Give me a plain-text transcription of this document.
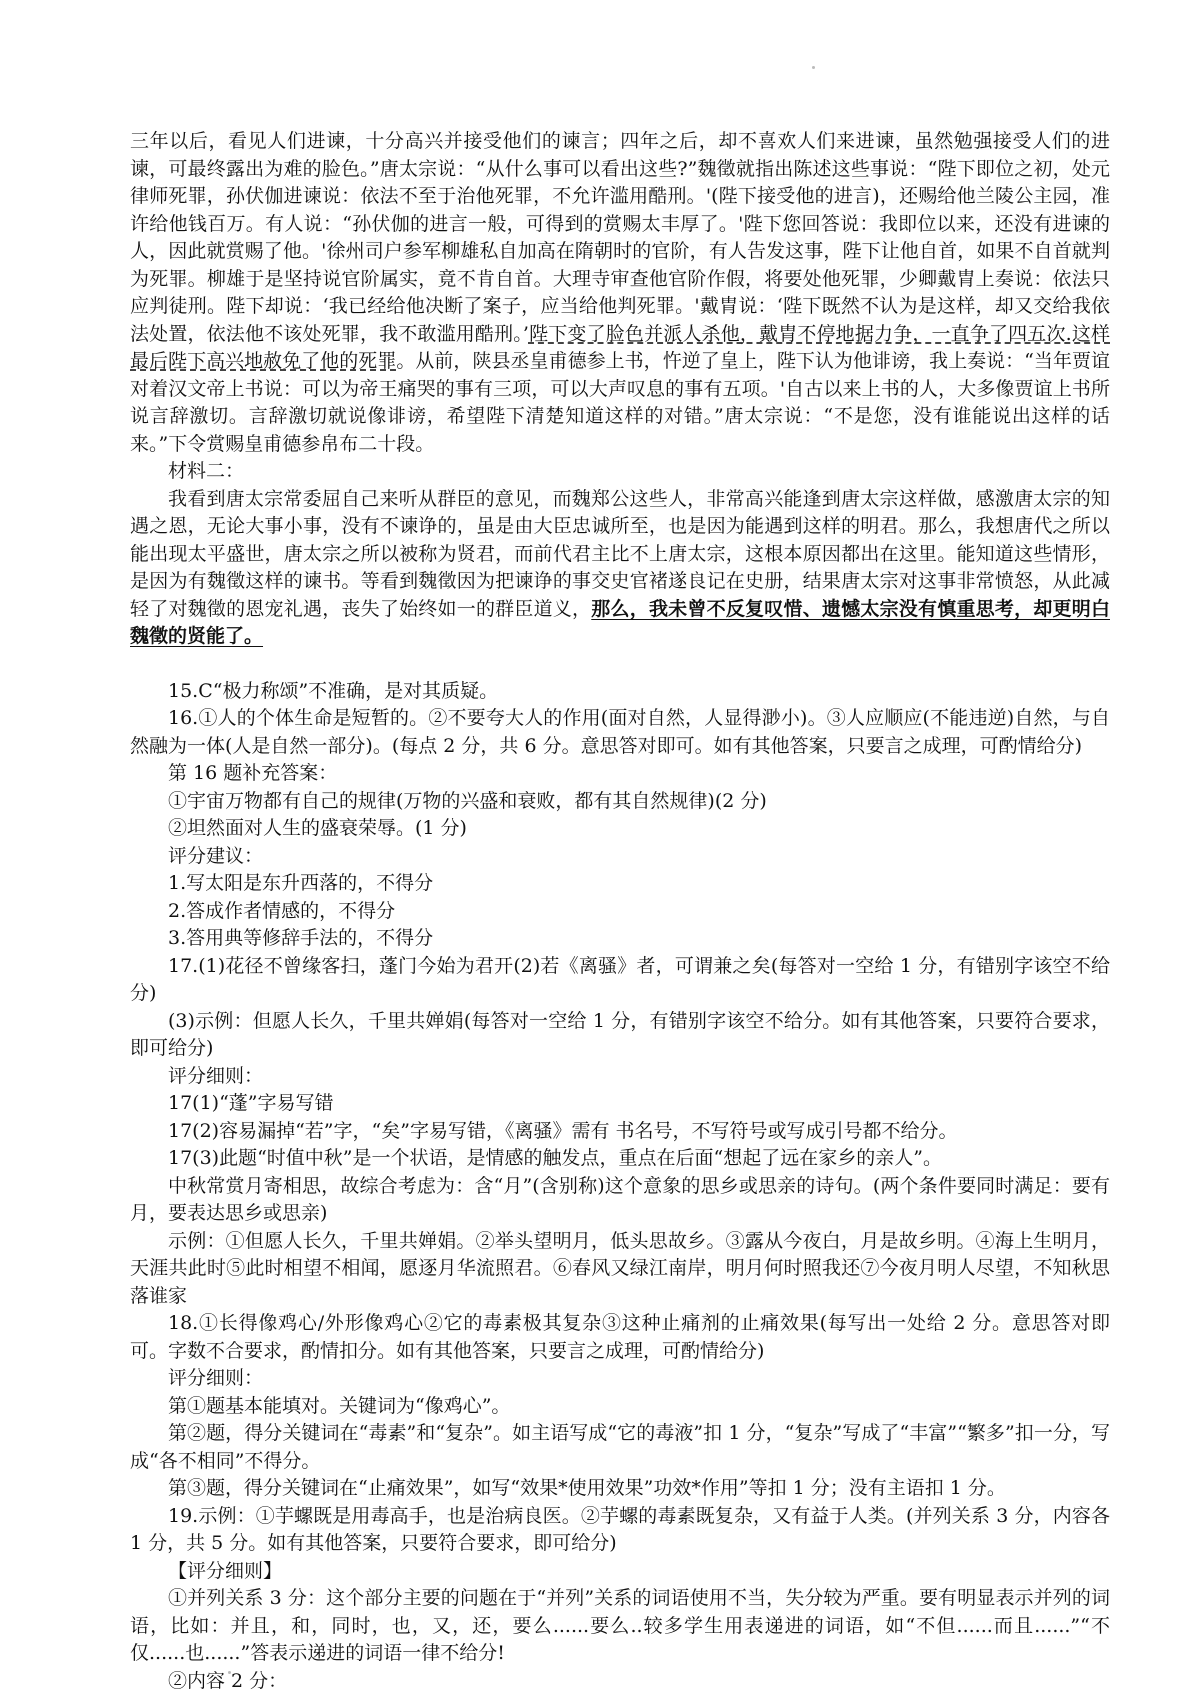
三年以后，看见人们进谏，十分高兴并接受他们的谏言；四年之后，却不喜欢人们来进谏，虽然勉强接受人们的进谏，可最终露出为难的脸色。”唐太宗说：“从什么事可以看出这些?”魏徵就指出陈述这些事说：“陛下即位之初，处元律师死罪，孙伏伽进谏说：依法不至于治他死罪，不允许滥用酷刑。'(陛下接受他的进言)，还赐给他兰陵公主园，准许给他钱百万。有人说：“孙伏伽的进言一般，可得到的赏赐太丰厚了。'陛下您回答说：我即位以来，还没有进谏的人，因此就赏赐了他。'徐州司户参军柳雄私自加高在隋朝时的官阶，有人告发这事，陛下让他自首，如果不自首就判为死罪。柳雄于是坚持说官阶属实，竟不肯自首。大理寺审查他官阶作假，将要处他死罪，少卿戴胄上奏说：依法只应判徒刑。陛下却说：‘我已经给他决断了案子，应当给他判死罪。'戴胄说：‘陛下既然不认为是这样，却又交给我依法处置，依法他不该处死罪，我不敢滥用酷刑。’陛下变了脸色并派人杀他，戴胄不停地据力争，一直争了四五次.这样最后陛下高兴地赦免了他的死罪。从前，陕县丞皇甫德参上书，忤逆了皇上，陛下认为他诽谤，我上奏说：“当年贾谊对着汉文帝上书说：可以为帝王痛哭的事有三项，可以大声叹息的事有五项。'自古以来上书的人，大多像贾谊上书所说言辞激切。言辞激切就说像诽谤，希望陛下清楚知道这样的对错。”唐太宗说：“不是您，没有谁能说出这样的话来。”下令赏赐皇甫德参帛布二十段。

材料二：

我看到唐太宗常委屈自己来听从群臣的意见，而魏郑公这些人，非常高兴能逢到唐太宗这样做，感激唐太宗的知遇之恩，无论大事小事，没有不谏诤的，虽是由大臣忠诚所至，也是因为能遇到这样的明君。那么，我想唐代之所以能出现太平盛世，唐太宗之所以被称为贤君，而前代君主比不上唐太宗，这根本原因都出在这里。能知道这些情形，是因为有魏徵这样的谏书。等看到魏徵因为把谏诤的事交史官褚遂良记在史册，结果唐太宗对这事非常愤怒，从此减轻了对魏徵的恩宠礼遇，丧失了始终如一的群臣道义，那么，我未曾不反复叹惜、遗憾太宗没有慎重思考，却更明白魏徵的贤能了。

15.C“极力称颂”不准确，是对其质疑。

16.①人的个体生命是短暂的。②不要夸大人的作用(面对自然，人显得渺小)。③人应顺应(不能违逆)自然，与自然融为一体(人是自然一部分)。(每点 2 分，共 6 分。意思答对即可。如有其他答案，只要言之成理，可酌情给分)

第 16 题补充答案：

①宇宙万物都有自己的规律(万物的兴盛和衰败，都有其自然规律)(2 分)

②坦然面对人生的盛衰荣辱。(1 分)

评分建议：

1.写太阳是东升西落的，不得分

2.答成作者情感的，不得分

3.答用典等修辞手法的，不得分

17.(1)花径不曾缘客扫，蓬门今始为君开(2)若《离骚》者，可谓兼之矣(每答对一空给 1 分，有错别字该空不给分)

(3)示例：但愿人长久，千里共婵娟(每答对一空给 1 分，有错别字该空不给分。如有其他答案，只要符合要求，即可给分)

评分细则：

17(1)“蓬”字易写错

17(2)容易漏掉“若”字，“矣”字易写错，《离骚》需有 书名号，不写符号或写成引号都不给分。

17(3)此题“时值中秋”是一个状语，是情感的触发点，重点在后面“想起了远在家乡的亲人”。

中秋常赏月寄相思，故综合考虑为：含“月”(含别称)这个意象的思乡或思亲的诗句。(两个条件要同时满足：要有月，要表达思乡或思亲)

示例：①但愿人长久，千里共婵娟。②举头望明月，低头思故乡。③露从今夜白，月是故乡明。④海上生明月，天涯共此时⑤此时相望不相闻，愿逐月华流照君。⑥春风又绿江南岸，明月何时照我还⑦今夜月明人尽望，不知秋思落谁家

18.①长得像鸡心/外形像鸡心②它的毒素极其复杂③这种止痛剂的止痛效果(每写出一处给 2 分。意思答对即可。字数不合要求，酌情扣分。如有其他答案，只要言之成理，可酌情给分)

评分细则：

第①题基本能填对。关键词为“像鸡心”。

第②题，得分关键词在“毒素”和“复杂”。如主语写成“它的毒液”扣 1 分，“复杂”写成了“丰富”“繁多”扣一分，写成“各不相同”不得分。

第③题，得分关键词在“止痛效果”，如写“效果*使用效果”功效*作用”等扣 1 分；没有主语扣 1 分。

19.示例：①芋螺既是用毒高手，也是治病良医。②芋螺的毒素既复杂，又有益于人类。(并列关系 3 分，内容各 1 分，共 5 分。如有其他答案，只要符合要求，即可给分)

【评分细则】

①并列关系 3 分：这个部分主要的问题在于“并列”关系的词语使用不当，失分较为严重。要有明显表示并列的词语，比如：并且，和，同时，也，又，还，要么......要么..较多学生用表递进的词语，如“不但......而且......”“不仅......也......”答表示递进的词语一律不给分!

②内容 2 分：
